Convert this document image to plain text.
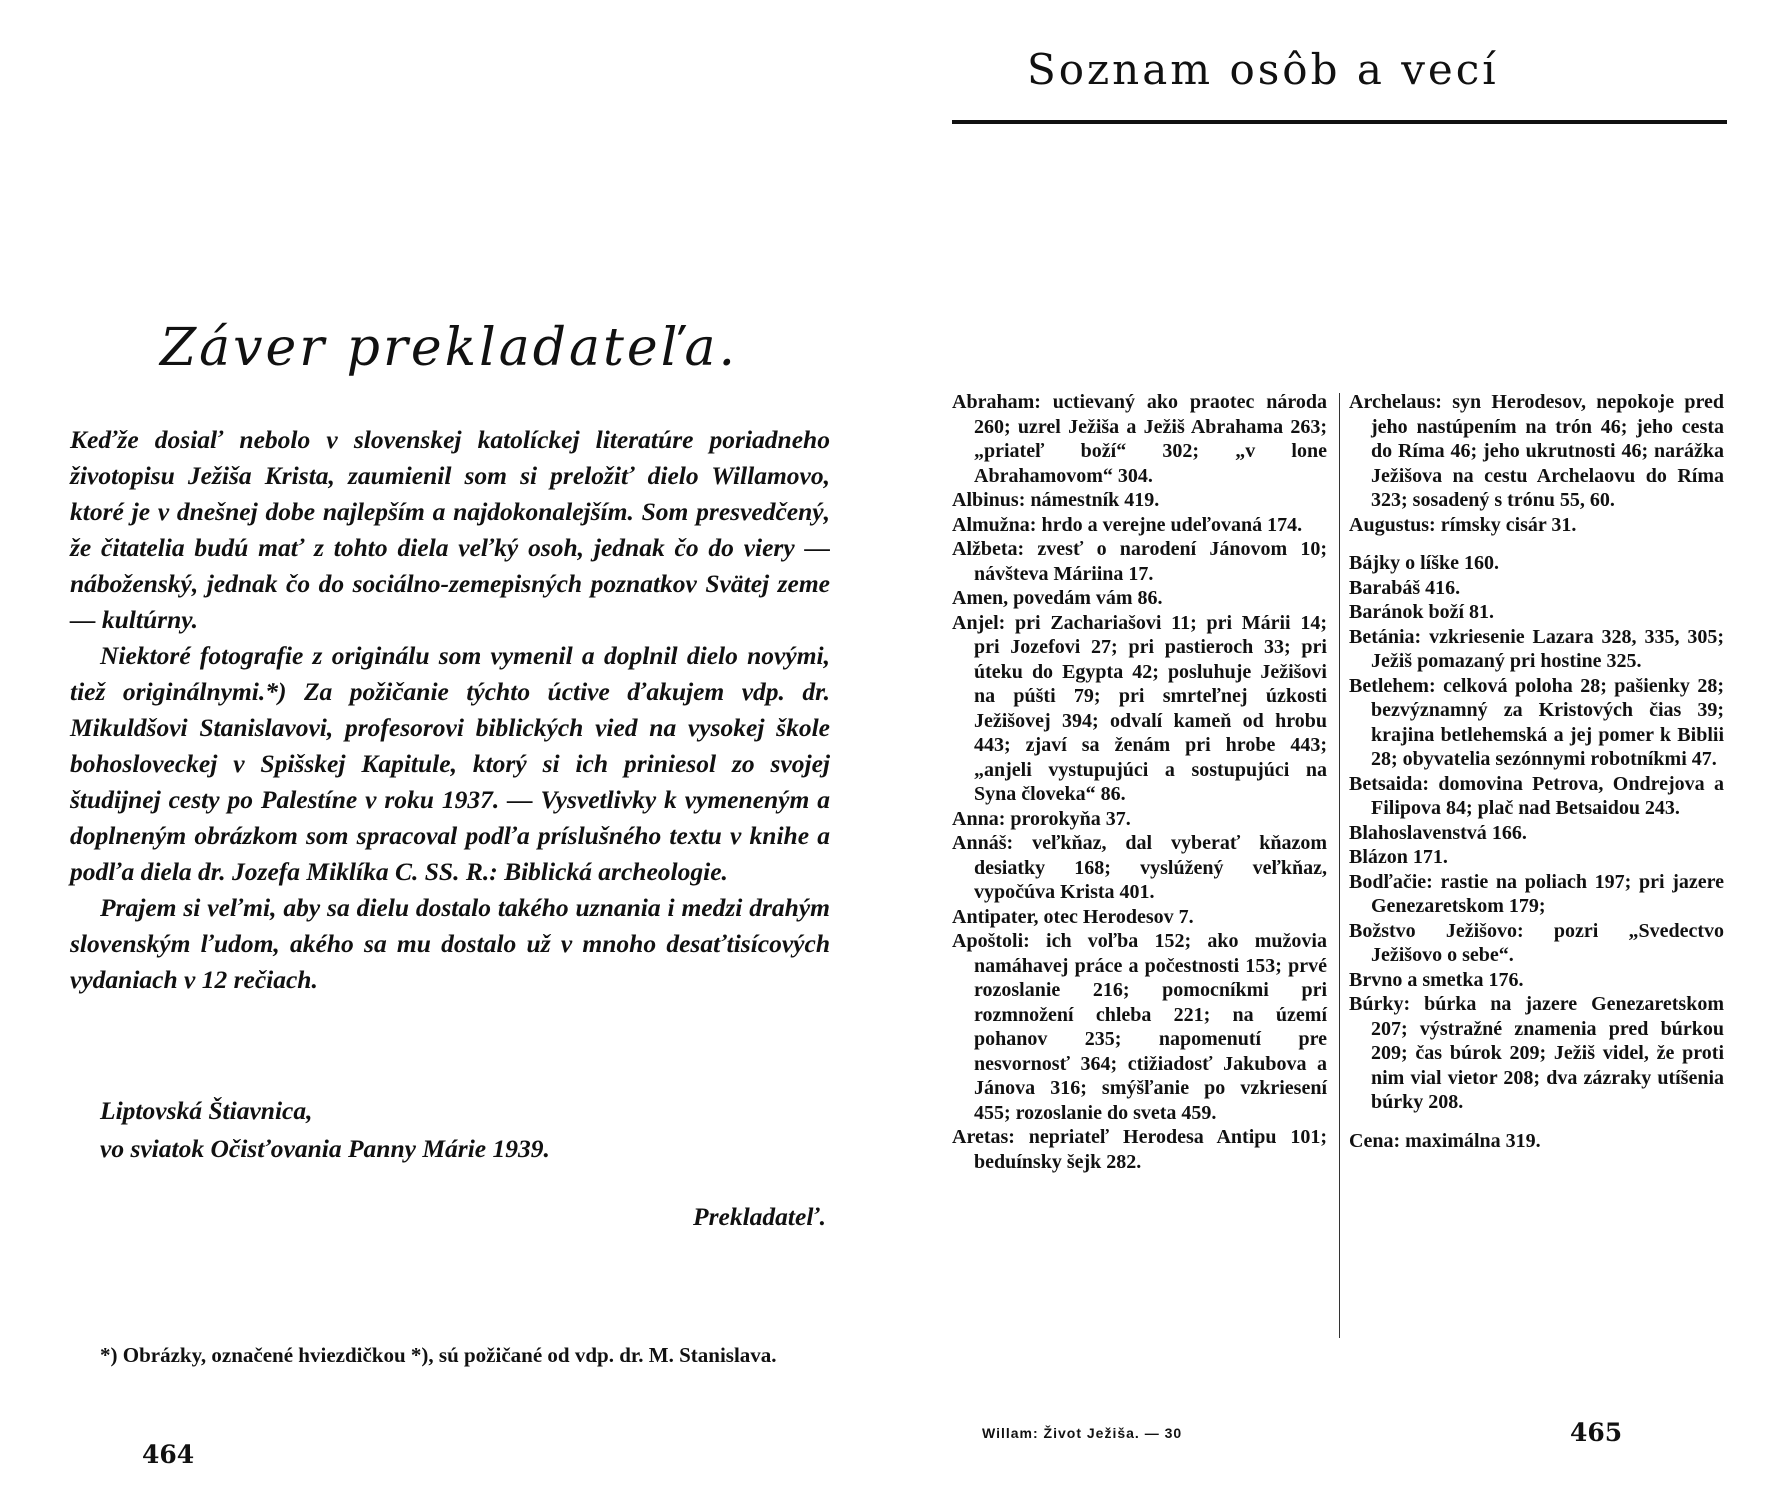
Záver prekladateľa.

Keďže dosiaľ nebolo v slovenskej katolíckej literatúre poriadneho životopisu Ježiša Krista, zaumienil som si preložiť dielo Willamovo, ktoré je v dnešnej dobe najlepším a najdokonalejším. Som presvedčený, že čitatelia budú mať z tohto diela veľký osoh, jednak čo do viery — náboženský, jednak čo do sociálno-zemepisných poznatkov Svätej zeme — kultúrny.

Niektoré fotografie z originálu som vymenil a doplnil dielo novými, tiež originálnymi.*) Za požičanie týchto úctive ďakujem vdp. dr. Mikuldšovi Stanislavovi, profesorovi biblických vied na vysokej škole bohosloveckej v Spišskej Kapitule, ktorý si ich priniesol zo svojej študijnej cesty po Palestíne v roku 1937. — Vysvetlivky k vymeneným a doplneným obrázkom som spracoval podľa príslušného textu v knihe a podľa diela dr. Jozefa Miklíka C. SS. R.: Biblická archeologie.

Prajem si veľmi, aby sa dielu dostalo takého uznania i medzi drahým slovenským ľudom, akého sa mu dostalo už v mnoho desaťtisícových vydaniach v 12 rečiach.

Liptovská Štiavnica,
vo sviatok Očisťovania Panny Márie 1939.
Prekladateľ.
*) Obrázky, označené hviezdičkou *), sú požičané od vdp. dr. M. Stanislava.
464
Soznam osôb a vecí

Abraham: uctievaný ako praotec národa 260; uzrel Ježiša a Ježiš Abrahama 263; „priateľ boží“ 302; „v lone Abrahamovom“ 304.

Albinus: námestník 419.

Almužna: hrdo a verejne udeľovaná 174.

Alžbeta: zvesť o narodení Jánovom 10; návšteva Máriina 17.

Amen, povedám vám 86.

Anjel: pri Zachariašovi 11; pri Márii 14; pri Jozefovi 27; pri pastieroch 33; pri úteku do Egypta 42; posluhuje Ježišovi na púšti 79; pri smrteľnej úzkosti Ježišovej 394; odvalí kameň od hrobu 443; zjaví sa ženám pri hrobe 443; „anjeli vystupujúci a sostupujúci na Syna človeka“ 86.

Anna: prorokyňa 37.

Annáš: veľkňaz, dal vyberať kňazom desiatky 168; vyslúžený veľkňaz, vypočúva Krista 401.

Antipater, otec Herodesov 7.

Apoštoli: ich voľba 152; ako mužovia namáhavej práce a počestnosti 153; prvé rozoslanie 216; pomocníkmi pri rozmnožení chleba 221; na území pohanov 235; napomenutí pre nesvornosť 364; ctižiadosť Jakubova a Jánova 316; smýšľanie po vzkriesení 455; rozoslanie do sveta 459.

Aretas: nepriateľ Herodesa Antipu 101; beduínsky šejk 282.

Archelaus: syn Herodesov, nepokoje pred jeho nastúpením na trón 46; jeho cesta do Ríma 46; jeho ukrutnosti 46; narážka Ježišova na cestu Archelaovu do Ríma 323; sosadený s trónu 55, 60.

Augustus: rímsky cisár 31.

Bájky o líške 160.

Barabáš 416.

Baránok boží 81.

Betánia: vzkriesenie Lazara 328, 335, 305; Ježiš pomazaný pri hostine 325.

Betlehem: celková poloha 28; pašienky 28; bezvýznamný za Kristových čias 39; krajina betlehemská a jej pomer k Biblii 28; obyvatelia sezónnymi robotníkmi 47.

Betsaida: domovina Petrova, Ondrejova a Filipova 84; plač nad Betsaidou 243.

Blahoslavenstvá 166.

Blázon 171.

Bodľačie: rastie na poliach 197; pri jazere Genezaretskom 179;

Božstvo Ježišovo: pozri „Svedectvo Ježišovo o sebe“.

Brvno a smetka 176.

Búrky: búrka na jazere Genezaretskom 207; výstražné znamenia pred búrkou 209; čas búrok 209; Ježiš videl, že proti nim vial vietor 208; dva zázraky utíšenia búrky 208.

Cena: maximálna 319.

Willam: Život Ježiša. — 30	465
